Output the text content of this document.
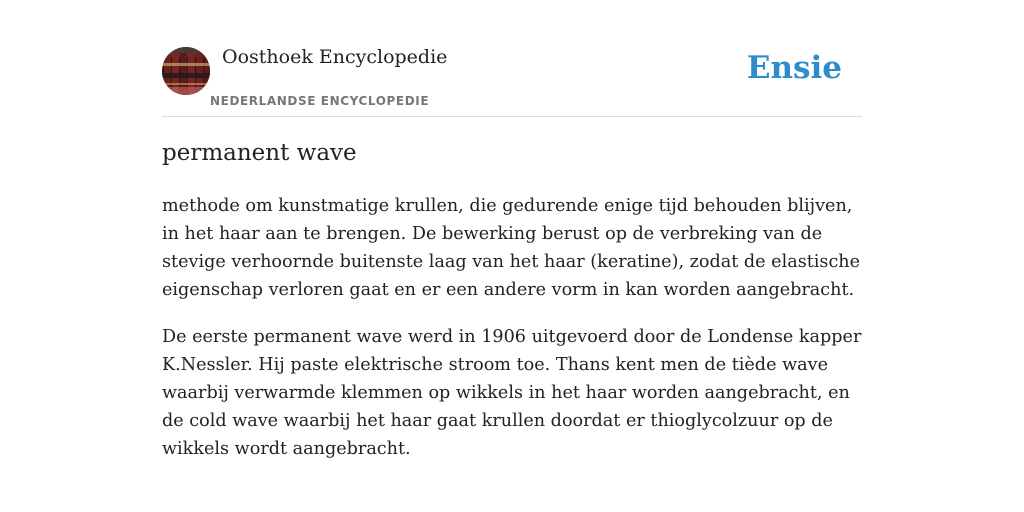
Oosthoek Encyclopedie
NEDERLANDSE ENCYCLOPEDIE
Ensie
permanent wave

methode om kunstmatige krullen, die gedurende enige tijd behouden blijven, in het haar aan te brengen. De bewerking berust op de verbreking van de stevige verhoornde buitenste laag van het haar (keratine), zodat de elastische eigenschap verloren gaat en er een andere vorm in kan worden aangebracht.

De eerste permanent wave werd in 1906 uitgevoerd door de Londense kapper K.Nessler. Hij paste elektrische stroom toe. Thans kent men de tiède wave waarbij verwarmde klemmen op wikkels in het haar worden aangebracht, en de cold wave waarbij het haar gaat krullen doordat er thioglycolzuur op de wikkels wordt aangebracht.
